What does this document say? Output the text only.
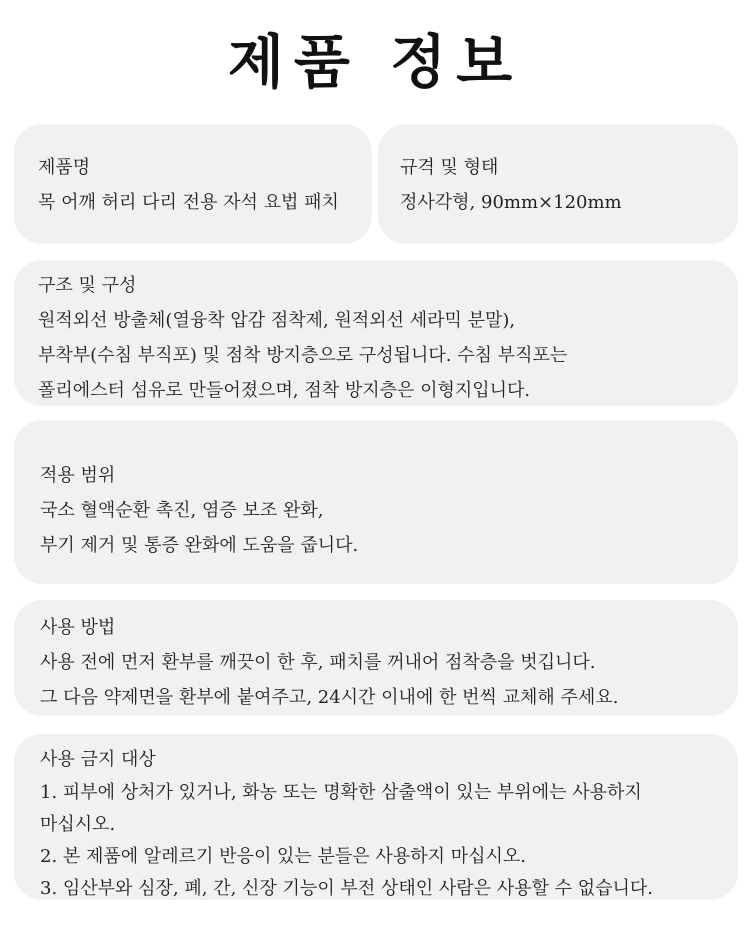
제품 정보
제품명
목 어깨 허리 다리 전용 자석 요법 패치
규격 및 형태
정사각형, 90mm×120mm
구조 및 구성
원적외선 방출체(열융착 압감 점착제, 원적외선 세라믹 분말),
부착부(수침 부직포) 및 점착 방지층으로 구성됩니다. 수침 부직포는
폴리에스터 섬유로 만들어졌으며, 점착 방지층은 이형지입니다.
적용 범위
국소 혈액순환 촉진, 염증 보조 완화,
부기 제거 및 통증 완화에 도움을 줍니다.
사용 방법
사용 전에 먼저 환부를 깨끗이 한 후, 패치를 꺼내어 점착층을 벗깁니다.
그 다음 약제면을 환부에 붙여주고, 24시간 이내에 한 번씩 교체해 주세요.
사용 금지 대상
1. 피부에 상처가 있거나, 화농 또는 명확한 삼출액이 있는 부위에는 사용하지
마십시오.
2. 본 제품에 알레르기 반응이 있는 분들은 사용하지 마십시오.
3. 임산부와 심장, 폐, 간, 신장 기능이 부전 상태인 사람은 사용할 수 없습니다.
